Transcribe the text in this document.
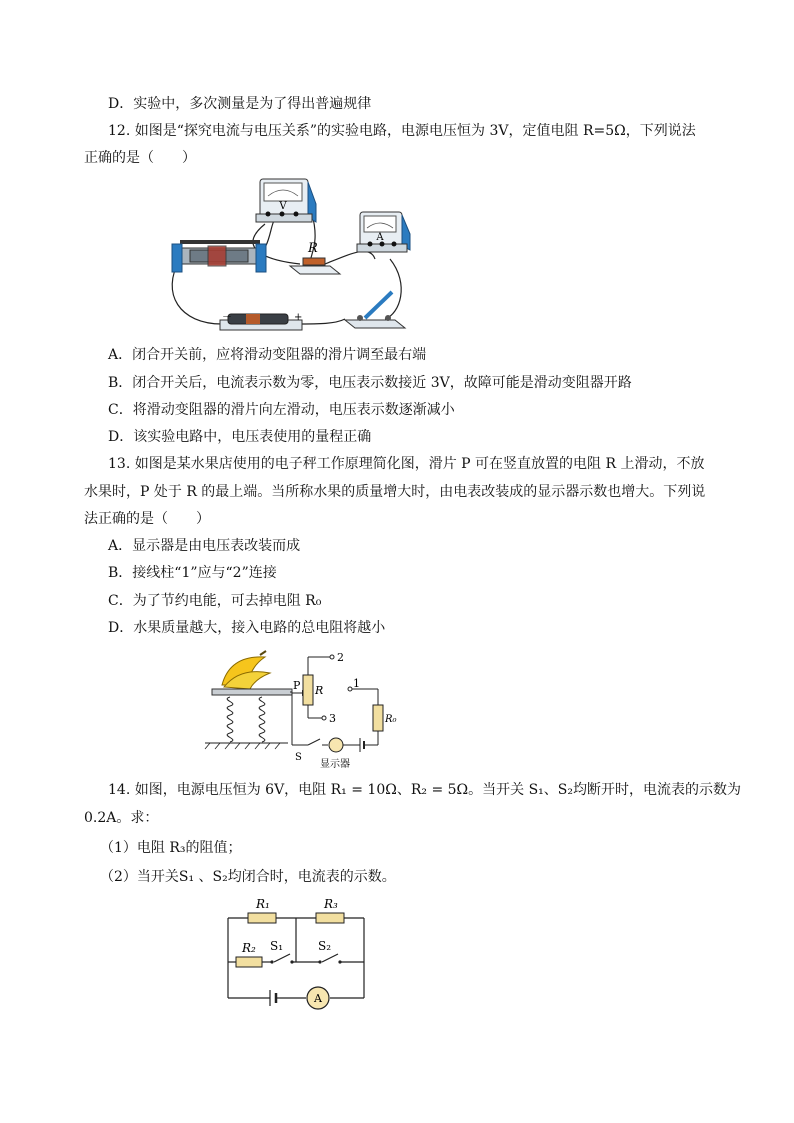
D．实验中，多次测量是为了得出普遍规律
12. 如图是“探究电流与电压关系”的实验电路，电源电压恒为 3V，定值电阻 R=5Ω，下列说法
正确的是（　　）
V
A
R
－	+
A．闭合开关前，应将滑动变阻器的滑片调至最右端
B．闭合开关后，电流表示数为零，电压表示数接近 3V，故障可能是滑动变阻器开路
C．将滑动变阻器的滑片向左滑动，电压表示数逐渐减小
D．该实验电路中，电压表使用的量程正确
13. 如图是某水果店使用的电子秤工作原理简化图，滑片 P 可在竖直放置的电阻 R 上滑动，不放
水果时，P 处于 R 的最上端。当所称水果的质量增大时，由电表改装成的显示器示数也增大。下列说
法正确的是（　　）
A．显示器是由电压表改装而成
B．接线柱“1”应与“2”连接
C．为了节约电能，可去掉电阻 R₀
D．水果质量越大，接入电路的总电阻将越小
P R
2
3
1
R₀
S
显示器
14. 如图，电源电压恒为 6V，电阻 R₁ = 10Ω、R₂ = 5Ω。当开关 S₁、S₂均断开时，电流表的示数为
0.2A。求：
（1）电阻 R₃的阻值；
（2）当开关S₁ 、S₂均闭合时，电流表的示数。
R₁	R₃
R₂ S₁	S₂
A
